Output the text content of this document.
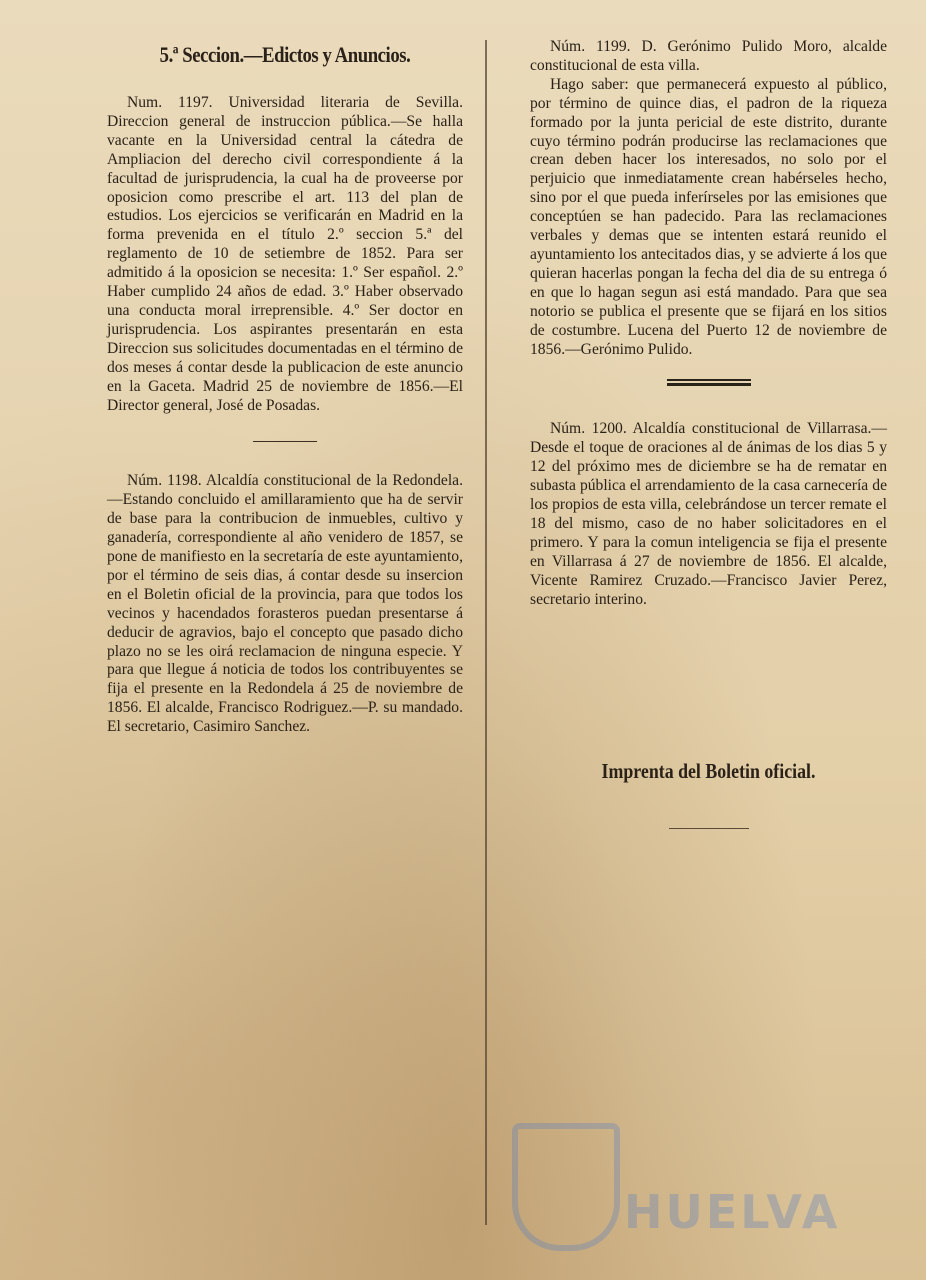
5.ª Seccion.—Edictos y Anuncios.

Num. 1197. Universidad literaria de Sevilla. Direccion general de instruccion pública.—Se halla vacante en la Universidad central la cátedra de Ampliacion del derecho civil correspondiente á la facultad de jurisprudencia, la cual ha de proveerse por oposicion como prescribe el art. 113 del plan de estudios. Los ejercicios se verificarán en Madrid en la forma prevenida en el título 2.º seccion 5.ª del reglamento de 10 de setiembre de 1852. Para ser admitido á la oposicion se necesita: 1.º Ser español. 2.º Haber cumplido 24 años de edad. 3.º Haber observado una conducta moral irreprensible. 4.º Ser doctor en jurisprudencia. Los aspirantes presentarán en esta Direccion sus solicitudes documentadas en el término de dos meses á contar desde la publicacion de este anuncio en la Gaceta. Madrid 25 de noviembre de 1856.—El Director general, José de Posadas.

Núm. 1198. Alcaldía constitucional de la Redondela.—Estando concluido el amillaramiento que ha de servir de base para la contribucion de inmuebles, cultivo y ganadería, correspondiente al año venidero de 1857, se pone de manifiesto en la secretaría de este ayuntamiento, por el término de seis dias, á contar desde su insercion en el Boletin oficial de la provincia, para que todos los vecinos y hacendados forasteros puedan presentarse á deducir de agravios, bajo el concepto que pasado dicho plazo no se les oirá reclamacion de ninguna especie. Y para que llegue á noticia de todos los contribuyentes se fija el presente en la Redondela á 25 de noviembre de 1856. El alcalde, Francisco Rodriguez.—P. su mandado. El secretario, Casimiro Sanchez.

Núm. 1199. D. Gerónimo Pulido Moro, alcalde constitucional de esta villa.

Hago saber: que permanecerá expuesto al público, por término de quince dias, el padron de la riqueza formado por la junta pericial de este distrito, durante cuyo término podrán producirse las reclamaciones que crean deben hacer los interesados, no solo por el perjuicio que inmediatamente crean habérseles hecho, sino por el que pueda inferírseles por las emisiones que conceptúen se han padecido. Para las reclamaciones verbales y demas que se intenten estará reunido el ayuntamiento los antecitados dias, y se advierte á los que quieran hacerlas pongan la fecha del dia de su entrega ó en que lo hagan segun asi está mandado. Para que sea notorio se publica el presente que se fijará en los sitios de costumbre. Lucena del Puerto 12 de noviembre de 1856.—Gerónimo Pulido.

Núm. 1200. Alcaldía constitucional de Villarrasa.—Desde el toque de oraciones al de ánimas de los dias 5 y 12 del próximo mes de diciembre se ha de rematar en subasta pública el arrendamiento de la casa carnecería de los propios de esta villa, celebrándose un tercer remate el 18 del mismo, caso de no haber solicitadores en el primero. Y para la comun inteligencia se fija el presente en Villarrasa á 27 de noviembre de 1856. El alcalde, Vicente Ramirez Cruzado.—Francisco Javier Perez, secretario interino.

Imprenta del Boletin oficial.
HUELVA
